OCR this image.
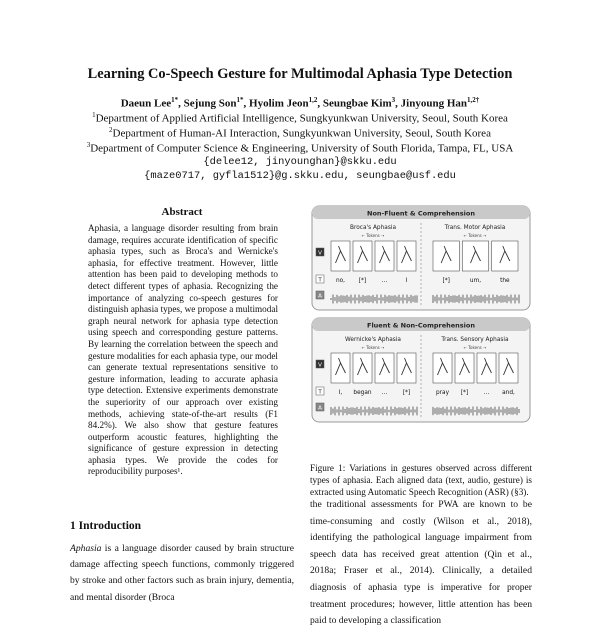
Learning Co-Speech Gesture for Multimodal Aphasia Type Detection
Daeun Lee$^{1*}$, Sejung Son$^{1*}$, Hyolim Jeon$^{1,2}$, Seungbae Kim$^3$, Jinyoung Han$^{1,2\dagger}$
$^1$Department of Applied Artificial Intelligence, Sungkyunkwan University, Seoul, South Korea
$^2$Department of Human-AI Interaction, Sungkyunkwan University, Seoul, South Korea
$^3$Department of Computer Science & Engineering, University of South Florida, Tampa, FL, USA
{delee12, jinyounghan}@skku.edu
{maze0717, gyfla1512}@g.skku.edu, seungbae@usf.edu
Abstract
Aphasia, a language disorder resulting from brain damage, requires accurate identification of specific aphasia types, such as Broca's and Wernicke's aphasia, for effective treatment. However, little attention has been paid to developing methods to detect different types of aphasia. Recognizing the importance of analyzing co-speech gestures for distinguish aphasia types, we propose a multimodal graph neural network for aphasia type detection using speech and corresponding gesture patterns. By learning the correlation between the speech and gesture modalities for each aphasia type, our model can generate textual representations sensitive to gesture information, leading to accurate aphasia type detection. Extensive experiments demonstrate the superiority of our approach over existing methods, achieving state-of-the-art results (F1 84.2%). We also show that gesture features outperform acoustic features, highlighting the significance of gesture expression in detecting aphasia types. We provide the codes for reproducibility purposes¹.
1 Introduction
Aphasia is a language disorder caused by brain structure damage affecting speech functions, commonly triggered by stroke and other factors such as brain injury, dementia, and mental disorder (Broca
Non-Fluent & Comprehension
Broca's Aphasia
← Tokens →
no, [*]	...	I
Trans. Motor Aphasia
← Tokens →
[*]	um,	the
V
T
A
Fluent & Non-Comprehension
Wernicke's Aphasia
← Tokens →
I, began ...	[*]
Trans. Sensory Aphasia
← Tokens →
pray [*]	... and,
V
T
A
Figure 1: Variations in gestures observed across different types of aphasia. Each aligned data (text, audio, gesture) is extracted using Automatic Speech Recognition (ASR) (§3).
the traditional assessments for PWA are known to be time-consuming and costly (Wilson et al., 2018), identifying the pathological language impairment from speech data has received great attention (Qin et al., 2018a; Fraser et al., 2014). Clinically, a detailed diagnosis of aphasia type is imperative for proper treatment procedures; however, little attention has been paid to developing a classification
